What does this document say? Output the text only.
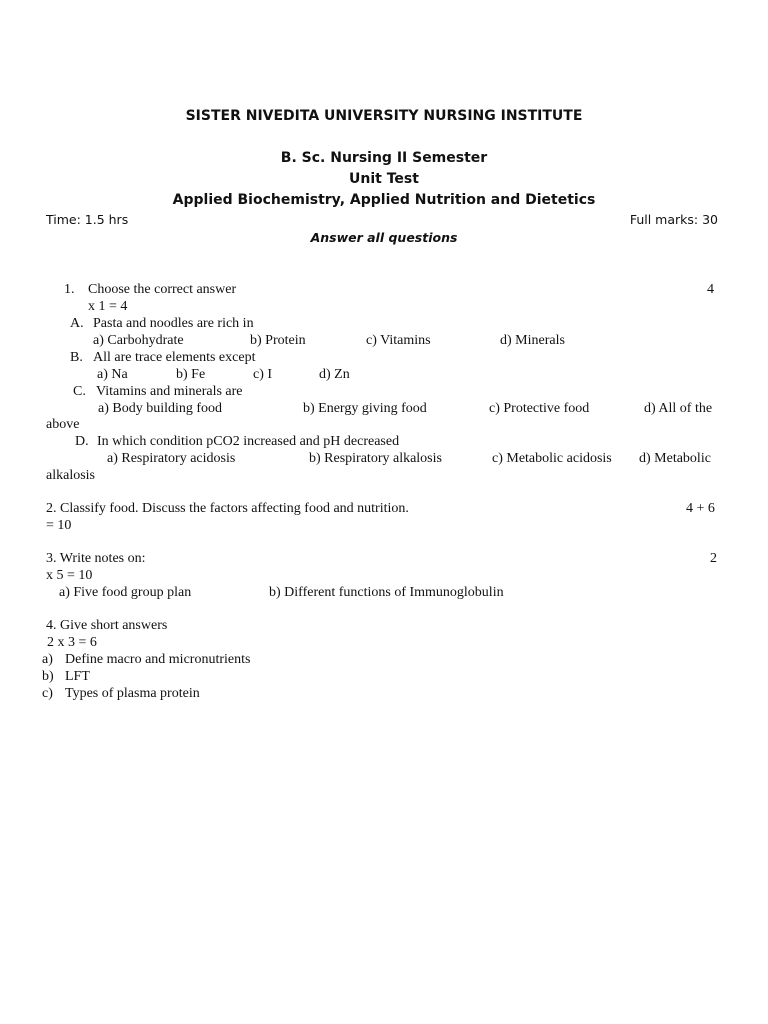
SISTER NIVEDITA UNIVERSITY NURSING INSTITUTE
B. Sc. Nursing II Semester
Unit Test
Applied Biochemistry, Applied Nutrition and Dietetics
Time: 1.5 hrs	Full marks: 30
Answer all questions
1. Choose the correct answer	4
x 1 = 4
A. Pasta and noodles are rich in
a) Carbohydrate	b) Protein	c) Vitamins	d) Minerals
B. All are trace elements except
a) Na	b) Fe	c) I	d) Zn
C. Vitamins and minerals are
a) Body building food	b) Energy giving food	c) Protective food	d) All of the
above
D. In which condition pCO2 increased and pH decreased
a) Respiratory acidosis	b) Respiratory alkalosis	c) Metabolic acidosis d) Metabolic
alkalosis
2. Classify food. Discuss the factors affecting food and nutrition.	4 + 6
= 10
3. Write notes on:	2
x 5 = 10
a) Five food group plan	b) Different functions of Immunoglobulin
4. Give short answers
2 x 3 = 6
a) Define macro and micronutrients
b) LFT
c) Types of plasma protein
